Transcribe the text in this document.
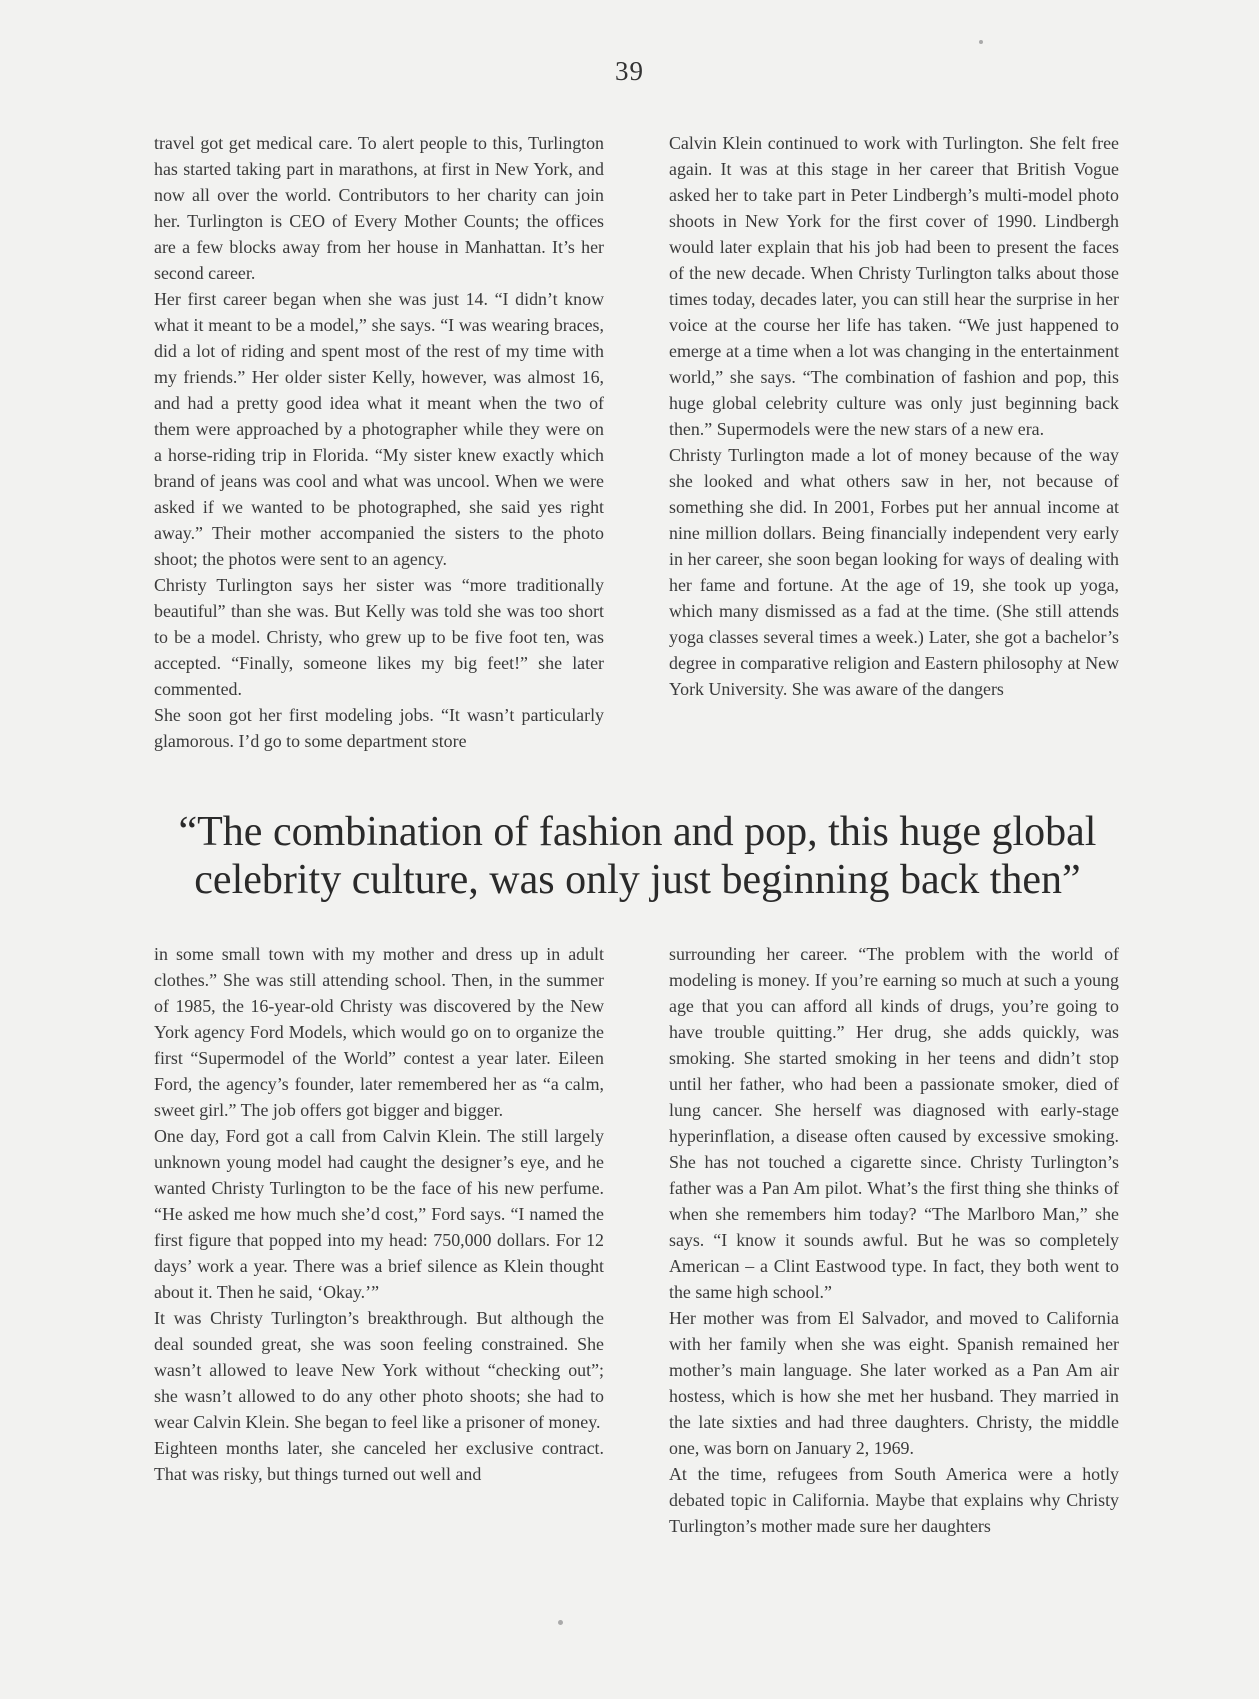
39

travel got get medical care. To alert people to this, Turlington has started taking part in marathons, at first in New York, and now all over the world. Contributors to her charity can join her. Turlington is CEO of Every Mother Counts; the offices are a few blocks away from her house in Manhattan. It’s her second career.

Her first career began when she was just 14. “I didn’t know what it meant to be a model,” she says. “I was wearing braces, did a lot of riding and spent most of the rest of my time with my friends.” Her older sister Kelly, however, was almost 16, and had a pretty good idea what it meant when the two of them were approached by a photographer while they were on a horse-riding trip in Florida. “My sister knew exactly which brand of jeans was cool and what was uncool. When we were asked if we wanted to be photographed, she said yes right away.” Their mother accompanied the sisters to the photo shoot; the photos were sent to an agency.

Christy Turlington says her sister was “more traditionally beautiful” than she was. But Kelly was told she was too short to be a model. Christy, who grew up to be five foot ten, was accepted. “Finally, someone likes my big feet!” she later commented.

She soon got her first modeling jobs. “It wasn’t particularly glamorous. I’d go to some department store

Calvin Klein continued to work with Turlington. She felt free again. It was at this stage in her career that British Vogue asked her to take part in Peter Lindbergh’s multi-model photo shoots in New York for the first cover of 1990. Lindbergh would later explain that his job had been to present the faces of the new decade. When Christy Turlington talks about those times today, decades later, you can still hear the surprise in her voice at the course her life has taken. “We just happened to emerge at a time when a lot was changing in the entertainment world,” she says. “The combination of fashion and pop, this huge global celebrity culture was only just beginning back then.” Supermodels were the new stars of a new era.

Christy Turlington made a lot of money because of the way she looked and what others saw in her, not because of something she did. In 2001, Forbes put her annual income at nine million dollars. Being financially independent very early in her career, she soon began looking for ways of dealing with her fame and fortune. At the age of 19, she took up yoga, which many dismissed as a fad at the time. (She still attends yoga classes several times a week.) Later, she got a bachelor’s degree in comparative religion and Eastern philosophy at New York University. She was aware of the dangers

“The combination of fashion and pop, this huge global
celebrity culture, was only just beginning back then”

in some small town with my mother and dress up in adult clothes.” She was still attending school. Then, in the summer of 1985, the 16-year-old Christy was discovered by the New York agency Ford Models, which would go on to organize the first “Supermodel of the World” contest a year later. Eileen Ford, the agency’s founder, later remembered her as “a calm, sweet girl.” The job offers got bigger and bigger.

One day, Ford got a call from Calvin Klein. The still largely unknown young model had caught the designer’s eye, and he wanted Christy Turlington to be the face of his new perfume. “He asked me how much she’d cost,” Ford says. “I named the first figure that popped into my head: 750,000 dollars. For 12 days’ work a year. There was a brief silence as Klein thought about it. Then he said, ‘Okay.’”

It was Christy Turlington’s breakthrough. But although the deal sounded great, she was soon feeling constrained. She wasn’t allowed to leave New York without “checking out”; she wasn’t allowed to do any other photo shoots; she had to wear Calvin Klein. She began to feel like a prisoner of money.

Eighteen months later, she canceled her exclusive contract. That was risky, but things turned out well and

surrounding her career. “The problem with the world of modeling is money. If you’re earning so much at such a young age that you can afford all kinds of drugs, you’re going to have trouble quitting.” Her drug, she adds quickly, was smoking. She started smoking in her teens and didn’t stop until her father, who had been a passionate smoker, died of lung cancer. She herself was diagnosed with early-stage hyperinflation, a disease often caused by excessive smoking. She has not touched a cigarette since. Christy Turlington’s father was a Pan Am pilot. What’s the first thing she thinks of when she remembers him today? “The Marlboro Man,” she says. “I know it sounds awful. But he was so completely American – a Clint Eastwood type. In fact, they both went to the same high school.”

Her mother was from El Salvador, and moved to California with her family when she was eight. Spanish remained her mother’s main language. She later worked as a Pan Am air hostess, which is how she met her husband. They married in the late sixties and had three daughters. Christy, the middle one, was born on January 2, 1969.

At the time, refugees from South America were a hotly debated topic in California. Maybe that explains why Christy Turlington’s mother made sure her daughters
